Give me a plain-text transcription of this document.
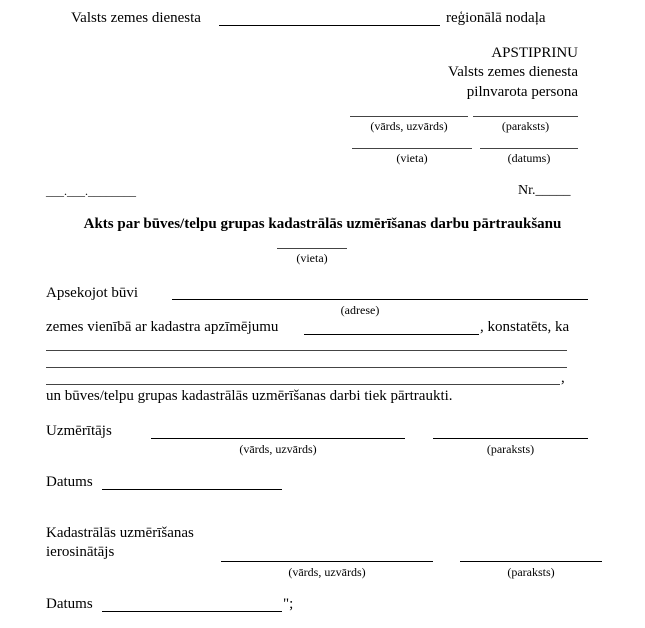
Valsts zemes dienesta	reģionālā nodaļa
APSTIPRINU
Valsts zemes dienesta
pilnvarota persona
(vārds, uzvārds)	(paraksts)
(vieta)	(datums)
___.___.________	Nr._____
Akts par būves/telpu grupas kadastrālās uzmērīšanas darbu pārtraukšanu
(vieta)
Apsekojot būvi
(adrese)
zemes vienībā ar kadastra apzīmējumu	, konstatēts, ka
,
un būves/telpu grupas kadastrālās uzmērīšanas darbi tiek pārtraukti.
Uzmērītājs
(vārds, uzvārds)	(paraksts)
Datums
Kadastrālās uzmērīšanas
ierosinātājs
(vārds, uzvārds)	(paraksts)
Datums	";
